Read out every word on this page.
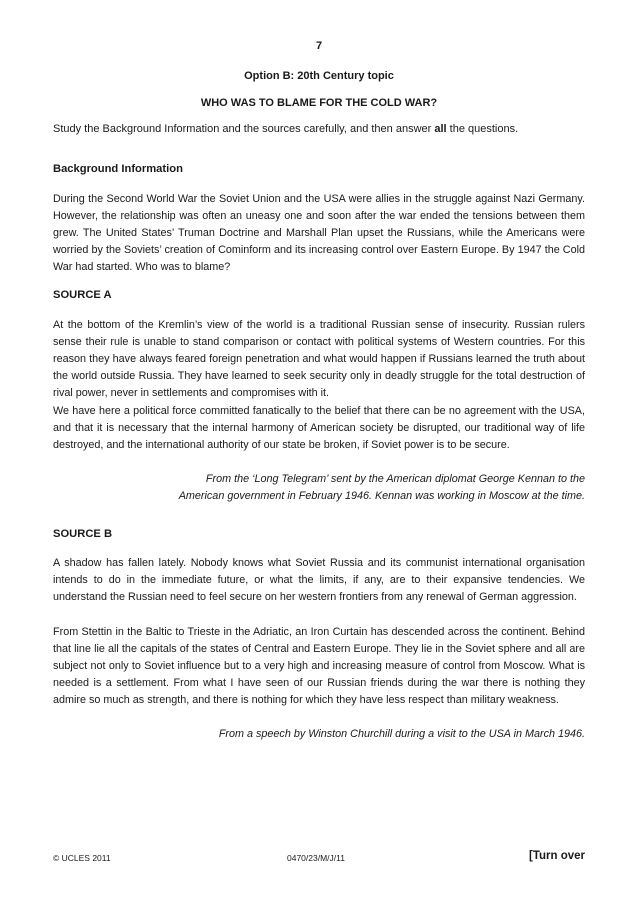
7
Option B: 20th Century topic
WHO WAS TO BLAME FOR THE COLD WAR?
Study the Background Information and the sources carefully, and then answer all the questions.
Background Information

During the Second World War the Soviet Union and the USA were allies in the struggle against Nazi Germany. However, the relationship was often an uneasy one and soon after the war ended the tensions between them grew. The United States’ Truman Doctrine and Marshall Plan upset the Russians, while the Americans were worried by the Soviets’ creation of Cominform and its increasing control over Eastern Europe. By 1947 the Cold War had started. Who was to blame?

SOURCE A

At the bottom of the Kremlin’s view of the world is a traditional Russian sense of insecurity. Russian rulers sense their rule is unable to stand comparison or contact with political systems of Western countries. For this reason they have always feared foreign penetration and what would happen if Russians learned the truth about the world outside Russia. They have learned to seek security only in deadly struggle for the total destruction of rival power, never in settlements and compromises with it.

We have here a political force committed fanatically to the belief that there can be no agreement with the USA, and that it is necessary that the internal harmony of American society be disrupted, our traditional way of life destroyed, and the international authority of our state be broken, if Soviet power is to be secure.

From the ‘Long Telegram’ sent by the American diplomat George Kennan to the
American government in February 1946. Kennan was working in Moscow at the time.
SOURCE B

A shadow has fallen lately. Nobody knows what Soviet Russia and its communist international organisation intends to do in the immediate future, or what the limits, if any, are to their expansive tendencies. We understand the Russian need to feel secure on her western frontiers from any renewal of German aggression.

From Stettin in the Baltic to Trieste in the Adriatic, an Iron Curtain has descended across the continent. Behind that line lie all the capitals of the states of Central and Eastern Europe. They lie in the Soviet sphere and all are subject not only to Soviet influence but to a very high and increasing measure of control from Moscow. What is needed is a settlement. From what I have seen of our Russian friends during the war there is nothing they admire so much as strength, and there is nothing for which they have less respect than military weakness.

From a speech by Winston Churchill during a visit to the USA in March 1946.
© UCLES 2011	0470/23/M/J/11	[Turn over
